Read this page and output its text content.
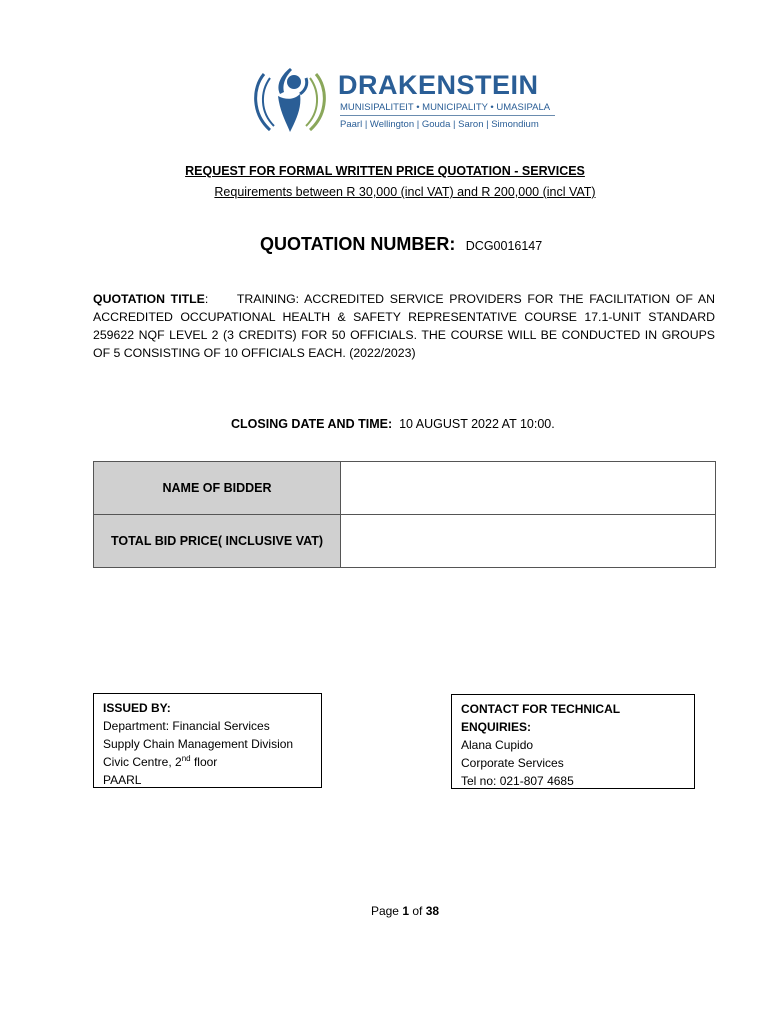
DRAKENSTEIN
MUNISIPALITEIT • MUNICIPALITY • UMASIPALA
Paarl | Wellington | Gouda | Saron | Simondium
REQUEST FOR FORMAL WRITTEN PRICE QUOTATION - SERVICES
Requirements between R 30,000 (incl VAT) and R 200,000 (incl VAT)
QUOTATION NUMBER: DCG0016147
QUOTATION TITLE:     TRAINING: ACCREDITED SERVICE PROVIDERS FOR THE FACILITATION OF AN ACCREDITED OCCUPATIONAL HEALTH & SAFETY REPRESENTATIVE COURSE 17.1-UNIT STANDARD 259622 NQF LEVEL 2 (3 CREDITS) FOR 50 OFFICIALS. THE COURSE WILL BE CONDUCTED IN GROUPS OF 5 CONSISTING OF 10 OFFICIALS EACH. (2022/2023)
CLOSING DATE AND TIME: 10 AUGUST 2022 AT 10:00.
NAME OF BIDDER	
TOTAL BID PRICE( INCLUSIVE VAT)	
ISSUED BY:
Department: Financial Services
Supply Chain Management Division
Civic Centre, 2nd floor
PAARL
CONTACT FOR TECHNICAL ENQUIRIES:
Alana Cupido
Corporate Services
Tel no: 021-807 4685
Page 1 of 38
